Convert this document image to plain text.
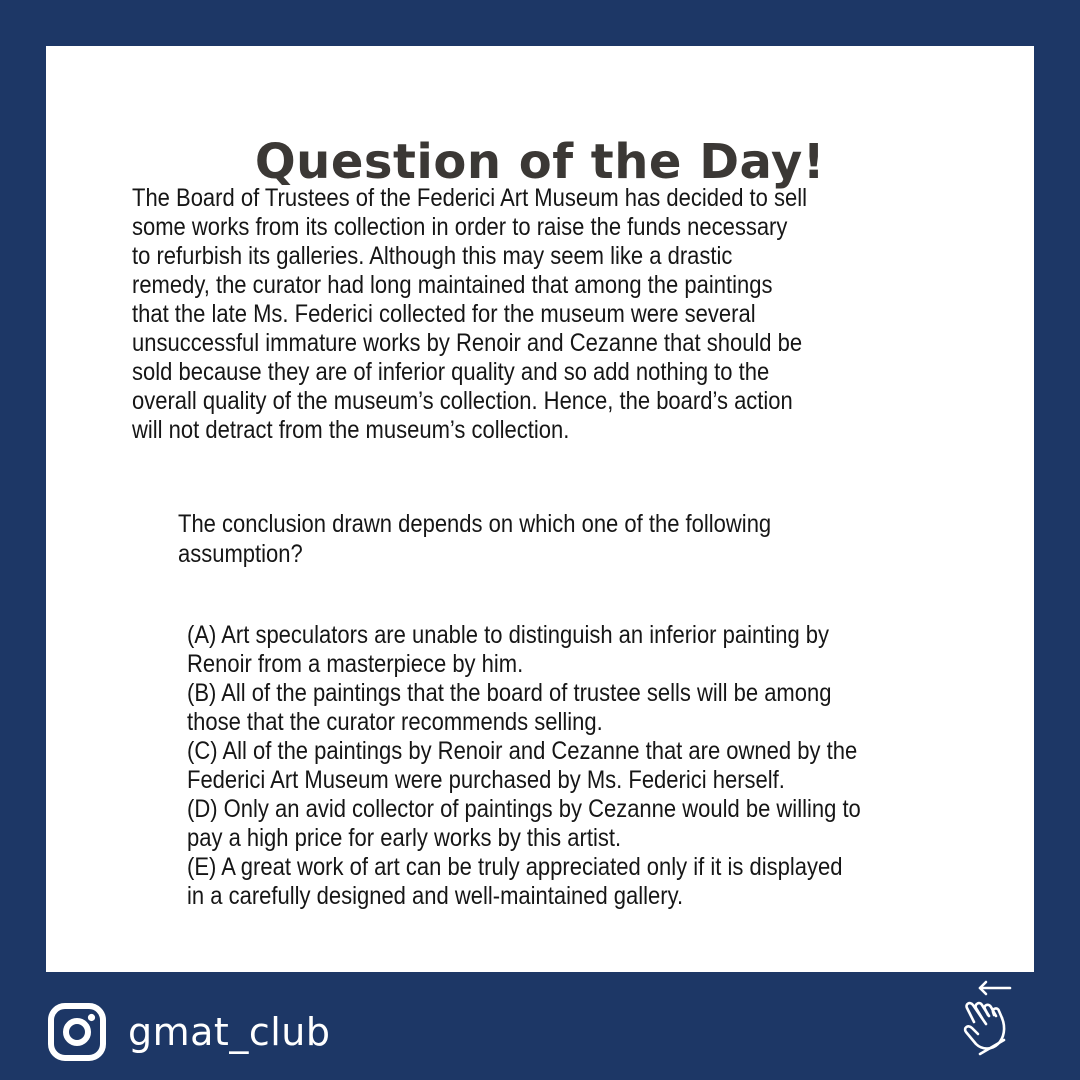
Question of the Day!

The Board of Trustees of the Federici Art Museum has decided to sell
some works from its collection in order to raise the funds necessary
to refurbish its galleries. Although this may seem like a drastic
remedy, the curator had long maintained that among the paintings
that the late Ms. Federici collected for the museum were several
unsuccessful immature works by Renoir and Cezanne that should be
sold because they are of inferior quality and so add nothing to the
overall quality of the museum’s collection. Hence, the board’s action
will not detract from the museum’s collection.

The conclusion drawn depends on which one of the following
assumption?

(A) Art speculators are unable to distinguish an inferior painting by
Renoir from a masterpiece by him.
(B) All of the paintings that the board of trustee sells will be among
those that the curator recommends selling.
(C) All of the paintings by Renoir and Cezanne that are owned by the
Federici Art Museum were purchased by Ms. Federici herself.
(D) Only an avid collector of paintings by Cezanne would be willing to
pay a high price for early works by this artist.
(E) A great work of art can be truly appreciated only if it is displayed
in a carefully designed and well-maintained gallery.
gmat_club
